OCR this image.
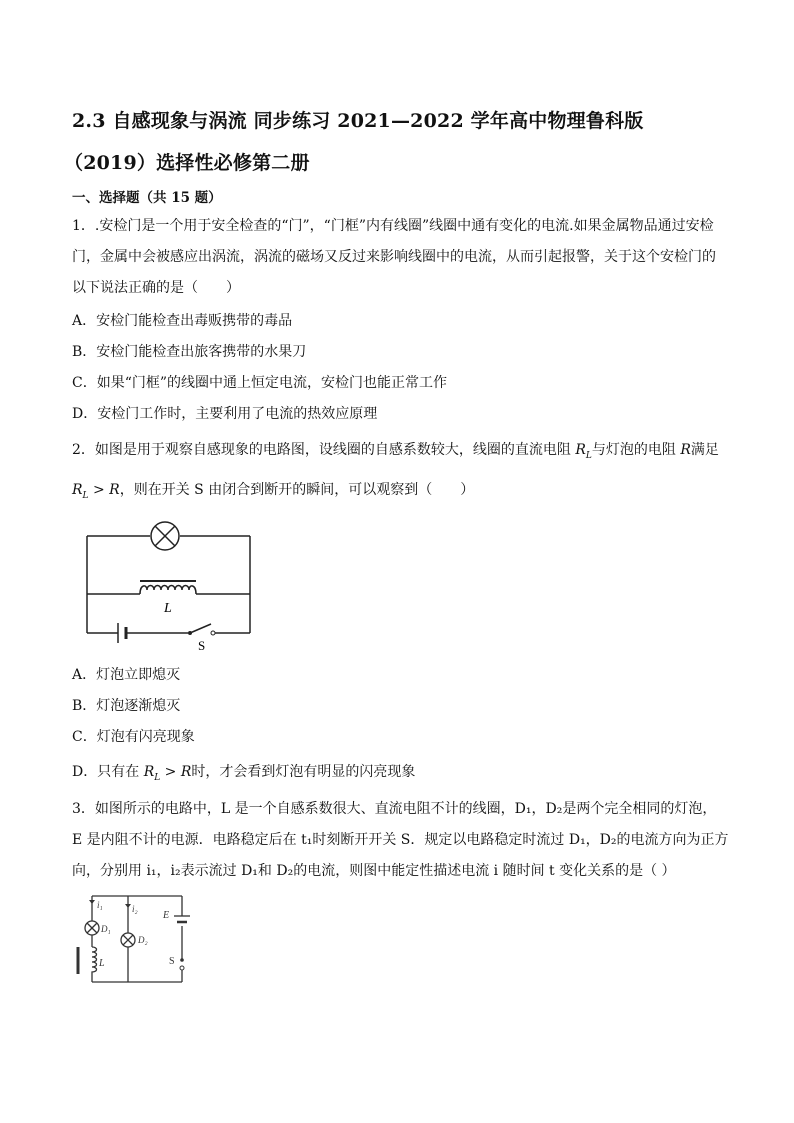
2.3 自感现象与涡流 同步练习 2021—2022 学年高中物理鲁科版
（2019）选择性必修第二册
一、选择题（共 15 题）
1．.安检门是一个用于安全检查的“门”，“门框”内有线圈”线圈中通有变化的电流.如果金属物品通过安检
门，金属中会被感应出涡流，涡流的磁场又反过来影响线圈中的电流，从而引起报警，关于这个安检门的
以下说法正确的是（　　）
A．安检门能检查出毒贩携带的毒品
B．安检门能检查出旅客携带的水果刀
C．如果“门框”的线圈中通上恒定电流，安检门也能正常工作
D．安检门工作时，主要利用了电流的热效应原理
2．如图是用于观察自感现象的电路图，设线圈的自感系数较大，线圈的直流电阻 $R_L$与灯泡的电阻 R满足
$R_L > R$，则在开关 S 由闭合到断开的瞬间，可以观察到（　　）
L
S
A．灯泡立即熄灭
B．灯泡逐渐熄灭
C．灯泡有闪亮现象
D．只有在 $R_L > R$时，才会看到灯泡有明显的闪亮现象
3．如图所示的电路中，L 是一个自感系数很大、直流电阻不计的线圈，D₁，D₂是两个完全相同的灯泡，
E 是内阻不计的电源．电路稳定后在 t₁时刻断开开关 S．规定以电路稳定时流过 D₁，D₂的电流方向为正方
向，分别用 i₁，i₂表示流过 D₁和 D₂的电流，则图中能定性描述电流 i 随时间 t 变化关系的是（ ）
i₁	i₂
D₁
D₂
E
L	S
